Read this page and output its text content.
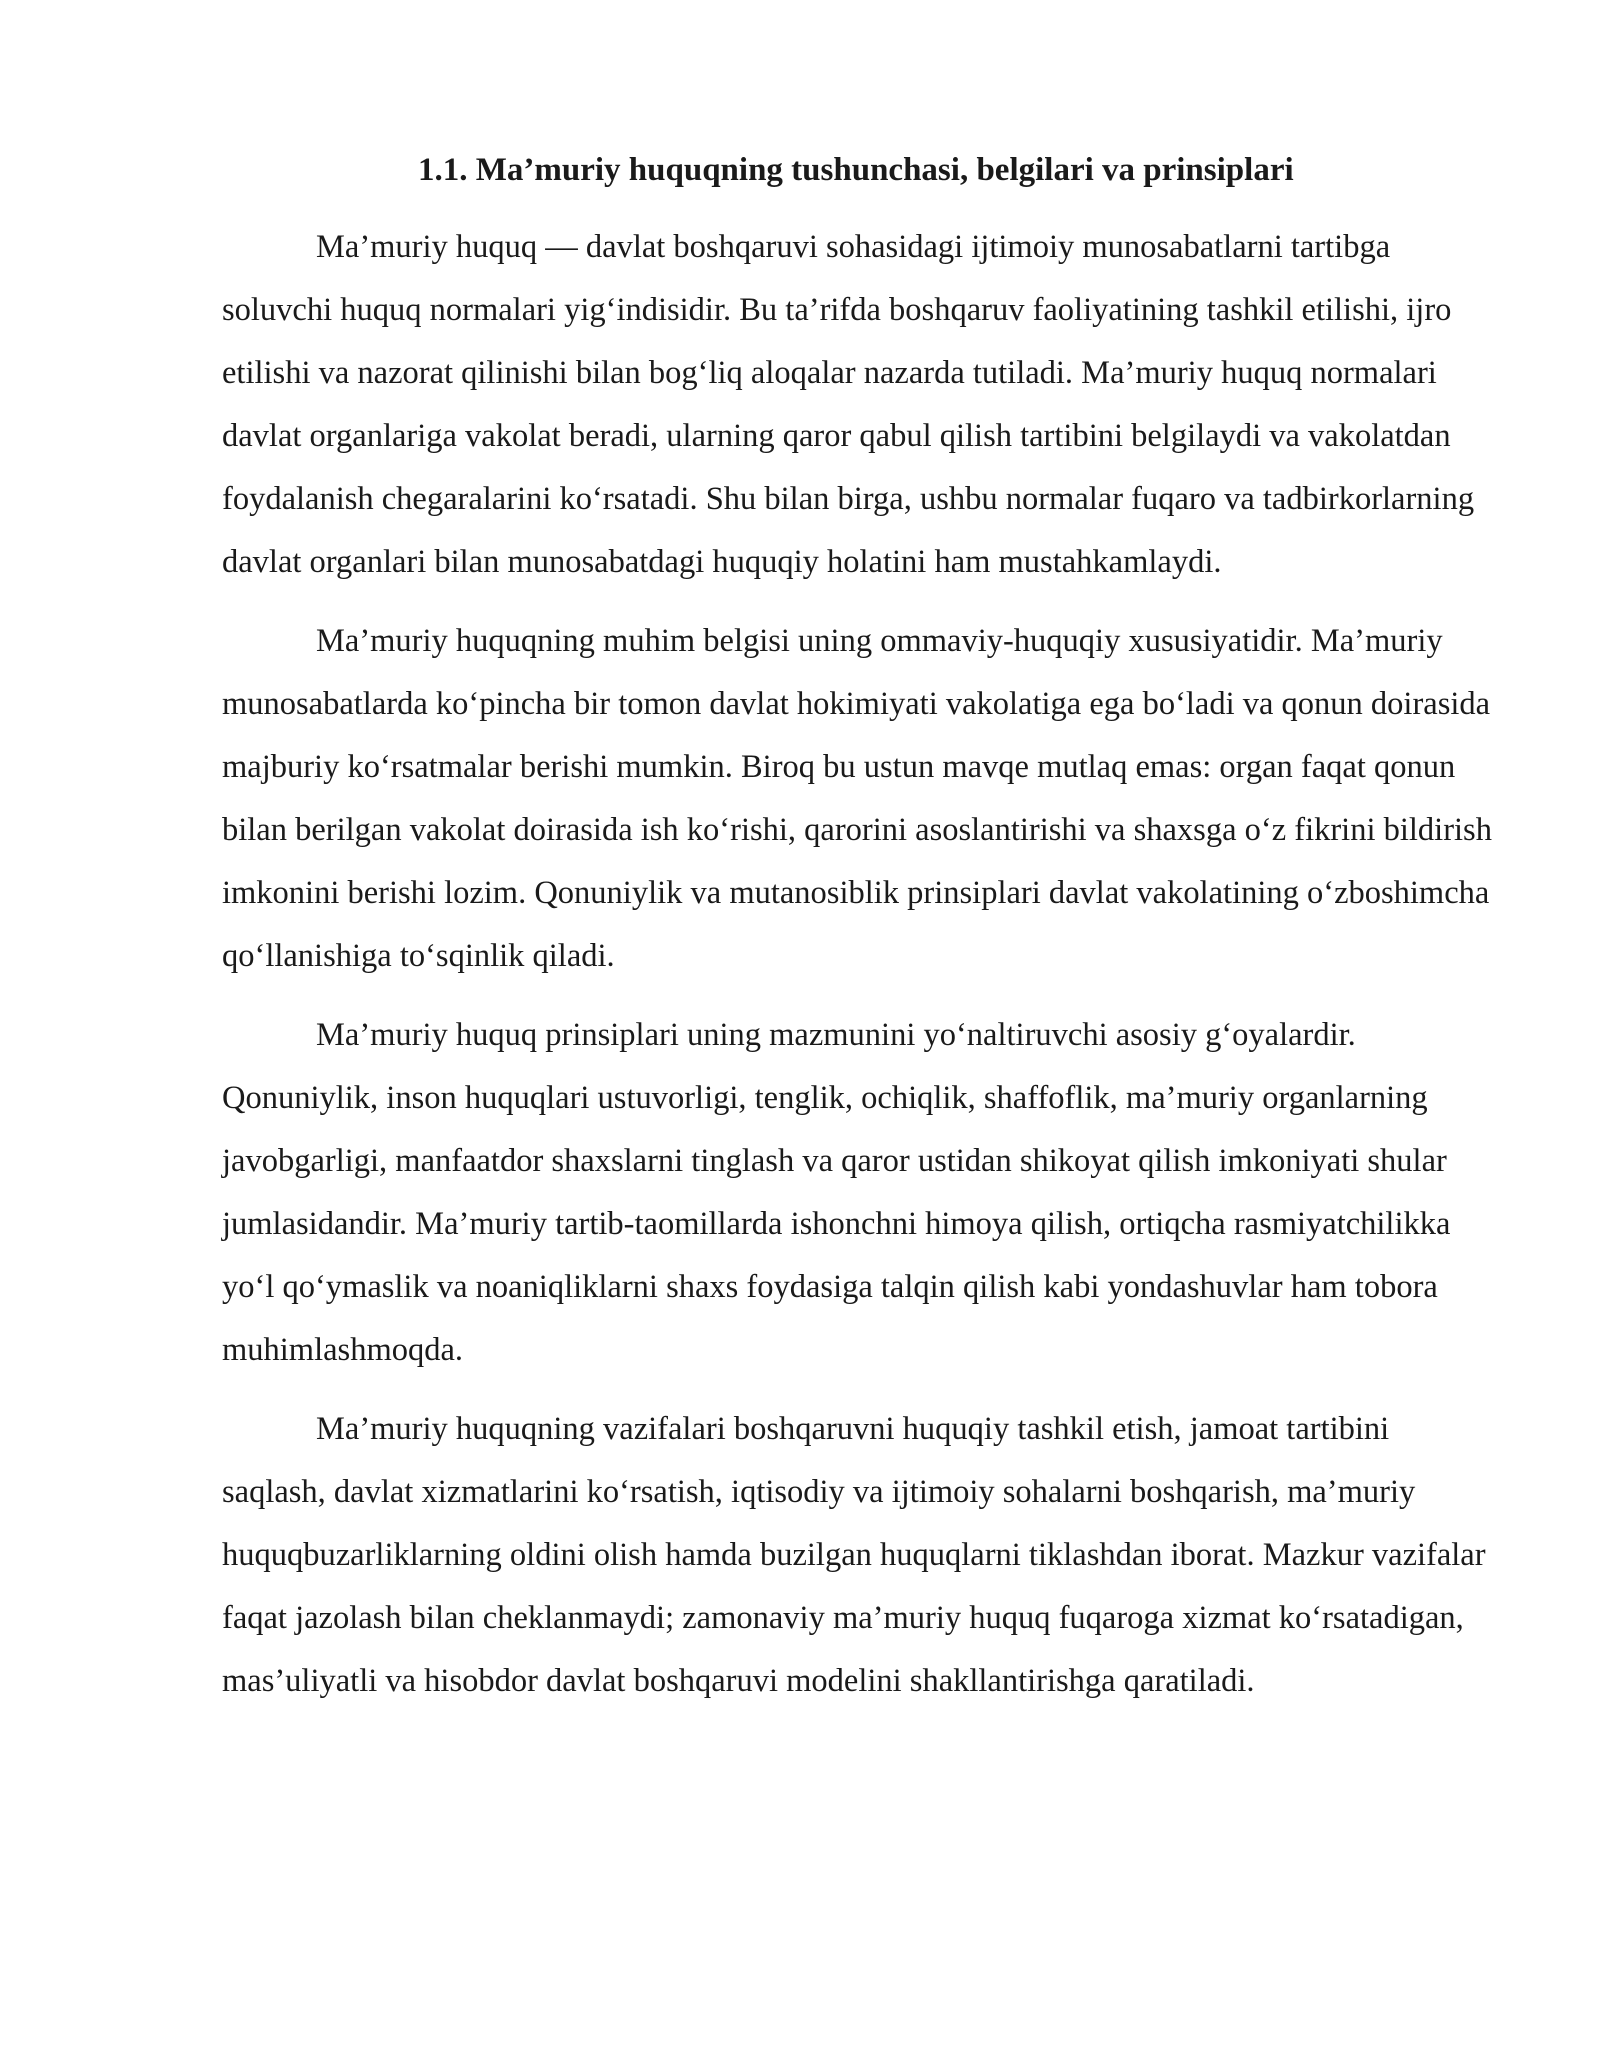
1.1. Ma’muriy huquqning tushunchasi, belgilari va prinsiplari

Ma’muriy huquq — davlat boshqaruvi sohasidagi ijtimoiy munosabatlarni tartibga soluvchi huquq normalari yig‘indisidir. Bu ta’rifda boshqaruv faoliyatining tashkil etilishi, ijro etilishi va nazorat qilinishi bilan bog‘liq aloqalar nazarda tutiladi. Ma’muriy huquq normalari davlat organlariga vakolat beradi, ularning qaror qabul qilish tartibini belgilaydi va vakolatdan foydalanish chegaralarini ko‘rsatadi. Shu bilan birga, ushbu normalar fuqaro va tadbirkorlarning davlat organlari bilan munosabatdagi huquqiy holatini ham mustahkamlaydi.

Ma’muriy huquqning muhim belgisi uning ommaviy-huquqiy xususiyatidir. Ma’muriy munosabatlarda ko‘pincha bir tomon davlat hokimiyati vakolatiga ega bo‘ladi va qonun doirasida majburiy ko‘rsatmalar berishi mumkin. Biroq bu ustun mavqe mutlaq emas: organ faqat qonun bilan berilgan vakolat doirasida ish ko‘rishi, qarorini asoslantirishi va shaxsga o‘z fikrini bildirish imkonini berishi lozim. Qonuniylik va mutanosiblik prinsiplari davlat vakolatining o‘zboshimcha qo‘llanishiga to‘sqinlik qiladi.

Ma’muriy huquq prinsiplari uning mazmunini yo‘naltiruvchi asosiy g‘oyalardir. Qonuniylik, inson huquqlari ustuvorligi, tenglik, ochiqlik, shaffoflik, ma’muriy organlarning javobgarligi, manfaatdor shaxslarni tinglash va qaror ustidan shikoyat qilish imkoniyati shular jumlasidandir. Ma’muriy tartib-taomillarda ishonchni himoya qilish, ortiqcha rasmiyatchilikka yo‘l qo‘ymaslik va noaniqliklarni shaxs foydasiga talqin qilish kabi yondashuvlar ham tobora muhimlashmoqda.

Ma’muriy huquqning vazifalari boshqaruvni huquqiy tashkil etish, jamoat tartibini saqlash, davlat xizmatlarini ko‘rsatish, iqtisodiy va ijtimoiy sohalarni boshqarish, ma’muriy huquqbuzarliklarning oldini olish hamda buzilgan huquqlarni tiklashdan iborat. Mazkur vazifalar faqat jazolash bilan cheklanmaydi; zamonaviy ma’muriy huquq fuqaroga xizmat ko‘rsatadigan, mas’uliyatli va hisobdor davlat boshqaruvi modelini shakllantirishga qaratiladi.
